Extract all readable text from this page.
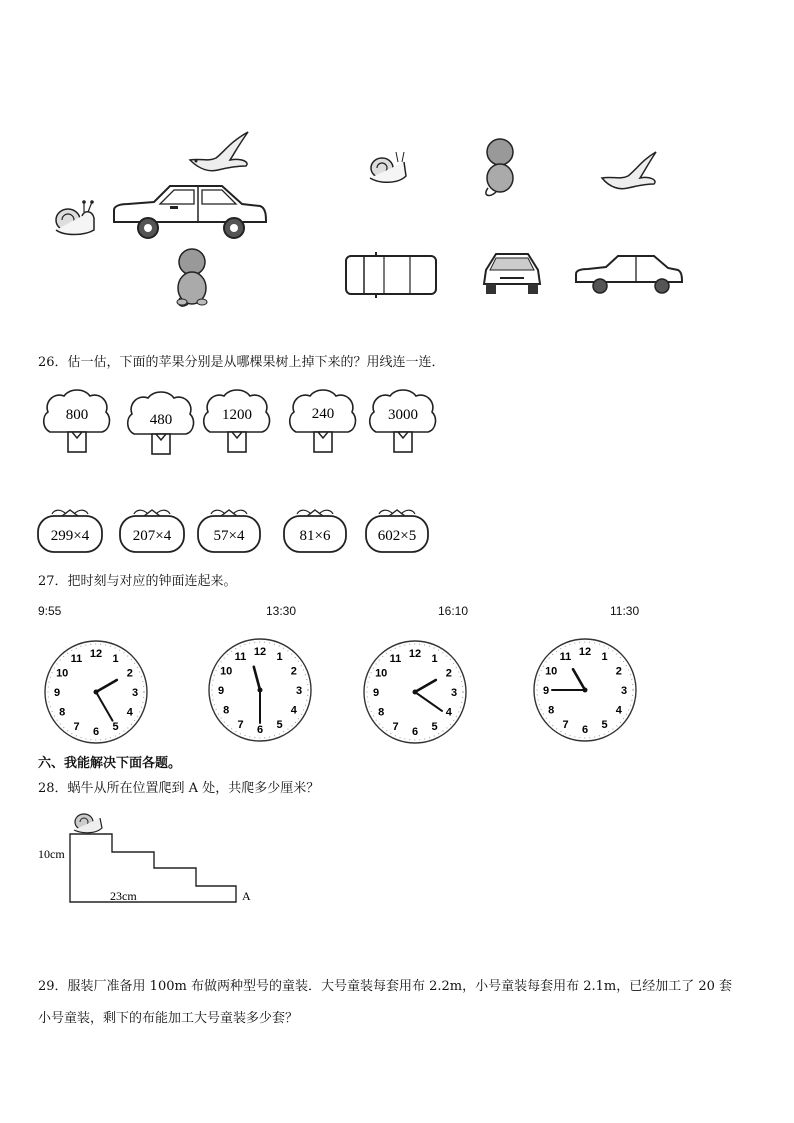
26．估一估，下面的苹果分别是从哪棵果树上掉下来的？用线连一连．
800	480	1200	240	3000
299×4	207×4	57×4	81×6	602×5
27．把时刻与对应的钟面连起来。
9:55	13:30	16:10	11:30
12 1
2
3
4
5
6
7
8
9
10
11
12 1
2
3
4
5
6
7
8
9
10
11	12 1
2
3
4
5
6
7
8
9
10
11
12 1
2
3
4
5
6
7
8
9
10
11
六、我能解决下面各题。
28．蜗牛从所在位置爬到 A 处，共爬多少厘米？
10cm
23cm	A
29．服装厂准备用 100m 布做两种型号的童装．大号童装每套用布 2.2m，小号童装每套用布 2.1m，已经加工了 20 套
小号童装，剩下的布能加工大号童装多少套？
